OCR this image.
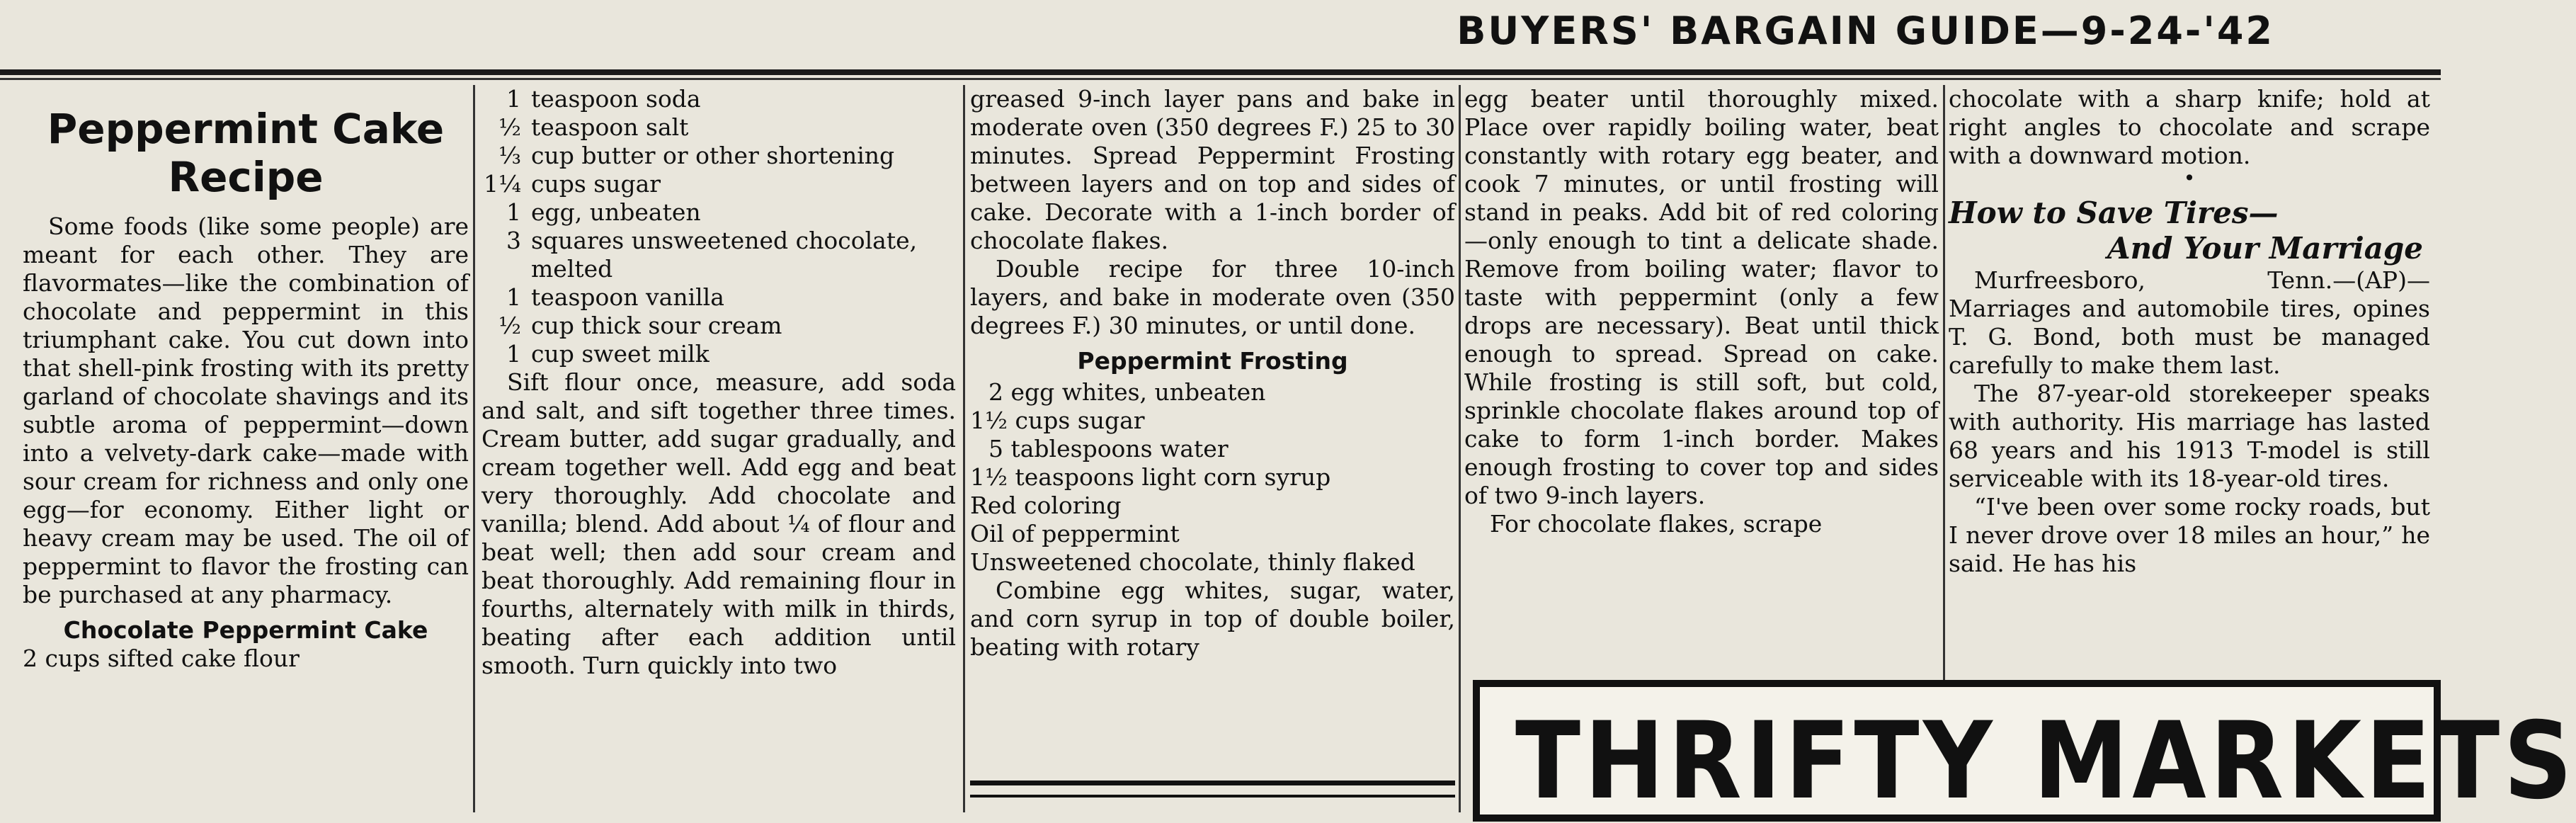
BUYERS' BARGAIN GUIDE—9-24-'42
Peppermint Cake
Recipe

Some foods (like some people) are meant for each other. They are flavormates—like the combination of chocolate and peppermint in this triumphant cake. You cut down into that shell-pink frosting with its pretty garland of chocolate shavings and its subtle aroma of peppermint—down into a velvety-dark cake—made with sour cream for richness and only one egg—for economy. Either light or heavy cream may be used. The oil of peppermint to flavor the frosting can be purchased at any pharmacy.

Chocolate Peppermint Cake

2 cups sifted cake flour

1 teaspoon soda
½ teaspoon salt
⅓ cup butter or other shortening
1¼ cups sugar
1 egg, unbeaten
3 squares unsweetened chocolate, melted
1 teaspoon vanilla
½ cup thick sour cream
1 cup sweet milk

Sift flour once, measure, add soda and salt, and sift together three times. Cream butter, add sugar gradually, and cream together well. Add egg and beat very thoroughly. Add chocolate and vanilla; blend. Add about ¼ of flour and beat well; then add sour cream and beat thoroughly. Add remaining flour in fourths, alternately with milk in thirds, beating after each addition until smooth. Turn quickly into two

greased 9-inch layer pans and bake in moderate oven (350 degrees F.) 25 to 30 minutes. Spread Peppermint Frosting between layers and on top and sides of cake. Decorate with a 1-inch border of chocolate flakes.

Double recipe for three 10-inch layers, and bake in moderate oven (350 degrees F.) 30 minutes, or until done.

Peppermint Frosting

2 egg whites, unbeaten

1½ cups sugar

5 tablespoons water

1½ teaspoons light corn syrup

Red coloring

Oil of peppermint

Unsweetened chocolate, thinly flaked

Combine egg whites, sugar, water, and corn syrup in top of double boiler, beating with rotary

egg beater until thoroughly mixed. Place over rapidly boiling water, beat constantly with rotary egg beater, and cook 7 minutes, or until frosting will stand in peaks. Add bit of red coloring—only enough to tint a delicate shade. Remove from boiling water; flavor to taste with peppermint (only a few drops are necessary). Beat until thick enough to spread. Spread on cake. While frosting is still soft, but cold, sprinkle chocolate flakes around top of cake to form 1-inch border. Makes enough frosting to cover top and sides of two 9-inch layers.

For chocolate flakes, scrape

chocolate with a sharp knife; hold at right angles to chocolate and scrape with a downward motion.

•

How to Save Tires—
And Your Marriage

Murfreesboro, Tenn.—(AP)—Marriages and automobile tires, opines T. G. Bond, both must be managed carefully to make them last.

The 87-year-old storekeeper speaks with authority. His marriage has lasted 68 years and his 1913 T-model is still serviceable with its 18-year-old tires.

“I've been over some rocky roads, but I never drove over 18 miles an hour,” he said. He has his

THRIFTY MARKETS
